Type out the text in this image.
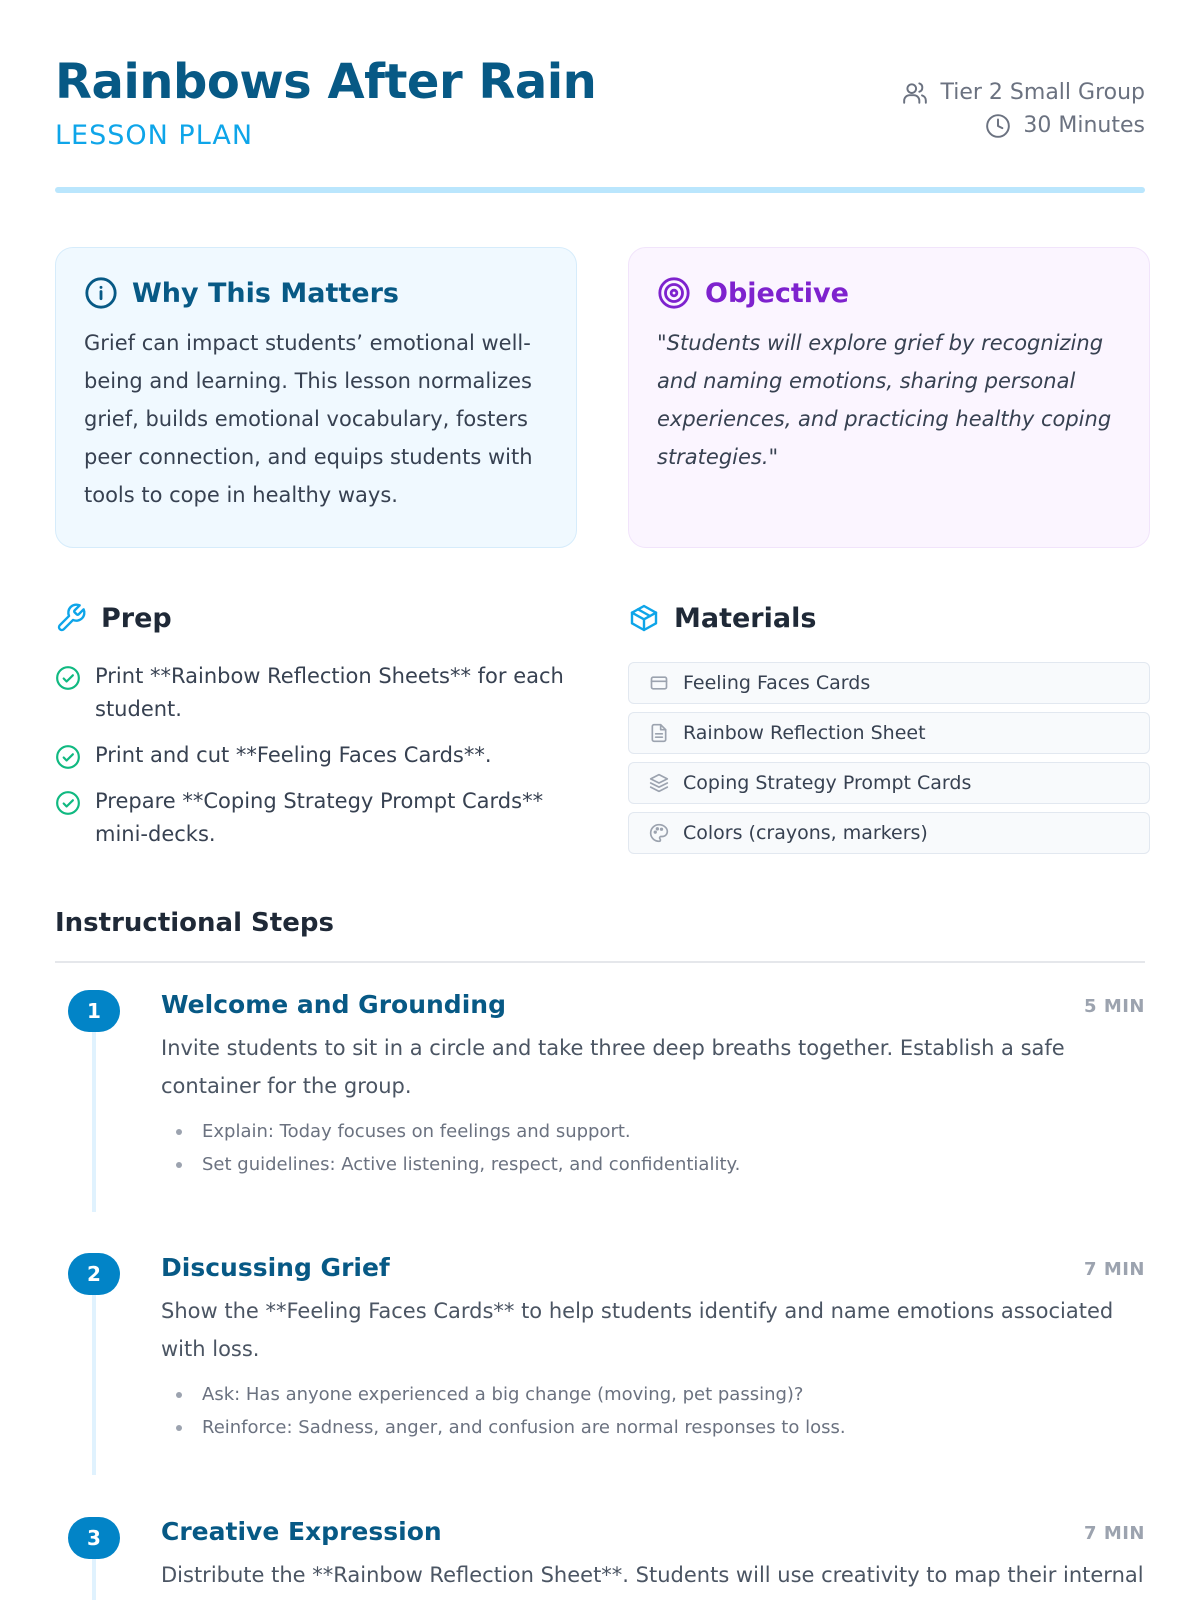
Rainbows After Rain
LESSON PLAN
Tier 2 Small Group
30 Minutes
Why This Matters
Grief can impact students’ emotional well-being and learning. This lesson normalizes grief, builds emotional vocabulary, fosters peer connection, and equips students with tools to cope in healthy ways.
Objective
"Students will explore grief by recognizing and naming emotions, sharing personal experiences, and practicing healthy coping strategies."
Prep
Print **Rainbow Reflection Sheets** for each student.
Print and cut **Feeling Faces Cards**.
Prepare **Coping Strategy Prompt Cards** mini-decks.
Materials
Feeling Faces Cards
Rainbow Reflection Sheet
Coping Strategy Prompt Cards
Colors (crayons, markers)
Instructional Steps
1	Welcome and Grounding	5 MIN
Invite students to sit in a circle and take three deep breaths together. Establish a safe container for the group.
Explain: Today focuses on feelings and support.
Set guidelines: Active listening, respect, and confidentiality.
2	Discussing Grief	7 MIN
Show the **Feeling Faces Cards** to help students identify and name emotions associated with loss.
Ask: Has anyone experienced a big change (moving, pet passing)?
Reinforce: Sadness, anger, and confusion are normal responses to loss.
3	Creative Expression	7 MIN
Distribute the **Rainbow Reflection Sheet**. Students will use creativity to map their internal
